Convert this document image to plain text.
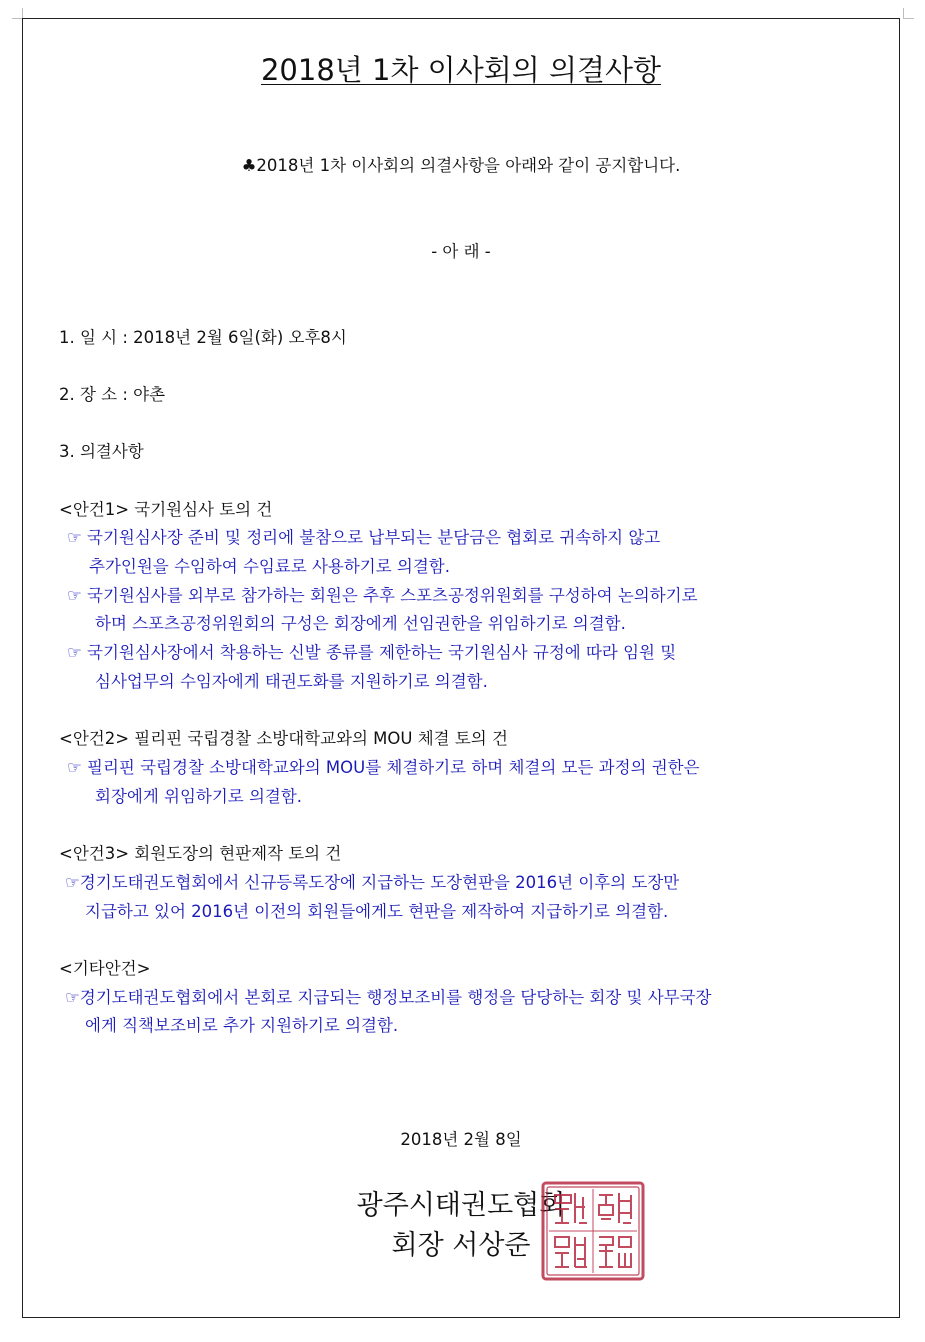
2018년 1차 이사회의 의결사항
♣2018년 1차 이사회의 의결사항을 아래와 같이 공지합니다.
- 아 래 -
1. 일 시 : 2018년 2월 6일(화) 오후8시
2. 장 소 : 야촌
3. 의결사항
<안건1> 국기원심사 토의 건
☞ 국기원심사장 준비 및 정리에 불참으로 납부되는 분담금은 협회로 귀속하지 않고
추가인원을 수임하여 수임료로 사용하기로 의결함.
☞ 국기원심사를 외부로 참가하는 회원은 추후 스포츠공정위원회를 구성하여 논의하기로
하며 스포츠공정위원회의 구성은 회장에게 선임권한을 위임하기로 의결함.
☞ 국기원심사장에서 착용하는 신발 종류를 제한하는 국기원심사 규정에 따라 임원 및
심사업무의 수임자에게 태권도화를 지원하기로 의결함.
<안건2> 필리핀 국립경찰 소방대학교와의 MOU 체결 토의 건
☞ 필리핀 국립경찰 소방대학교와의 MOU를 체결하기로 하며 체결의 모든 과정의 권한은
회장에게 위임하기로 의결함.
<안건3> 회원도장의 현판제작 토의 건
☞경기도태권도협회에서 신규등록도장에 지급하는 도장현판을 2016년 이후의 도장만
지급하고 있어 2016년 이전의 회원들에게도 현판을 제작하여 지급하기로 의결함.
<기타안건>
☞경기도태권도협회에서 본회로 지급되는 행정보조비를 행정을 담당하는 회장 및 사무국장
에게 직책보조비로 추가 지원하기로 의결함.
2018년 2월 8일
광주시태권도협회
회장 서상준
